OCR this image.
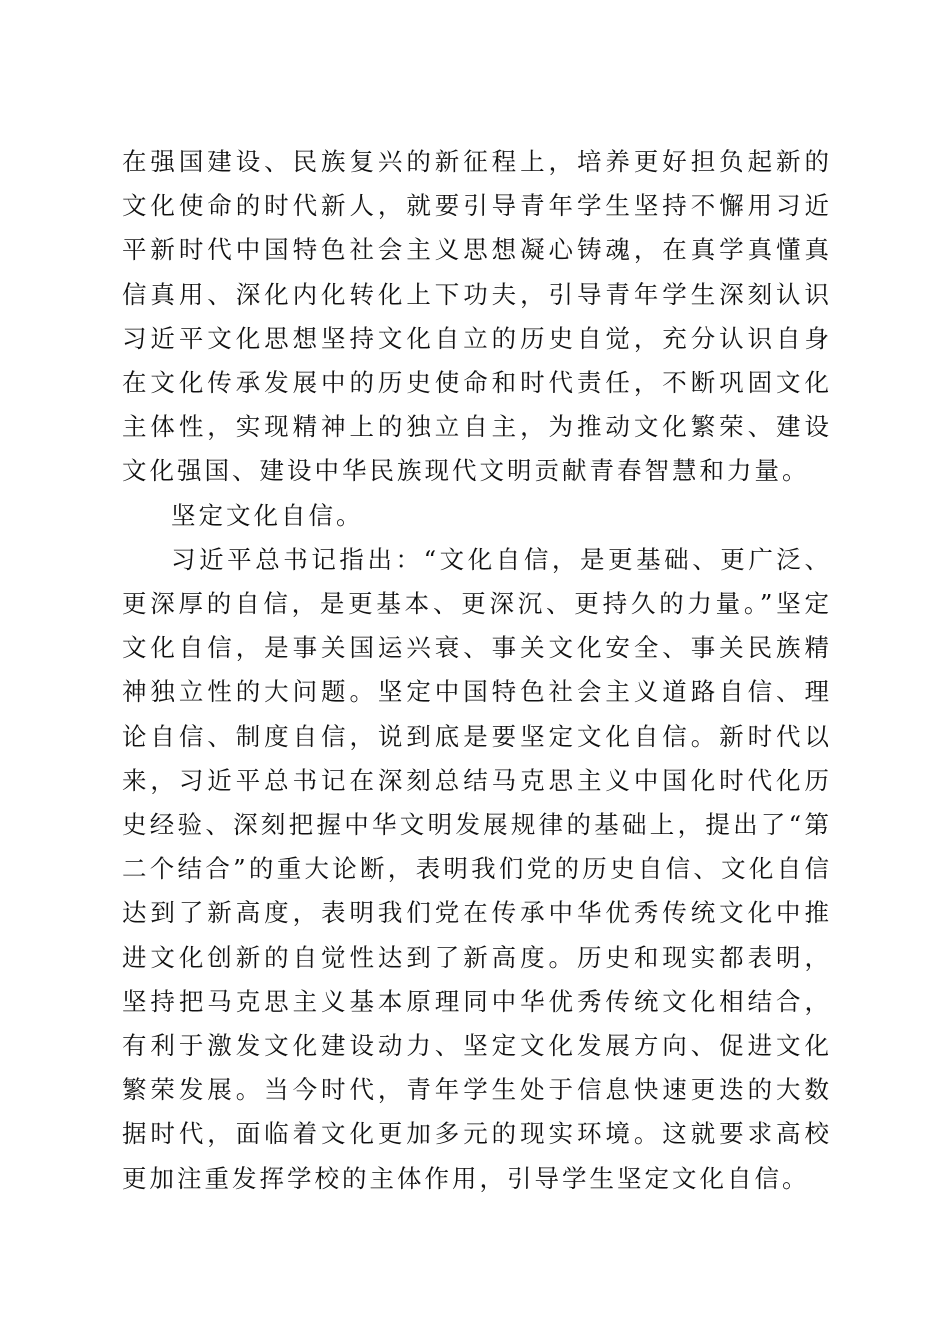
在强国建设、民族复兴的新征程上，培养更好担负起新的文化使命的时代新人，就要引导青年学生坚持不懈用习近平新时代中国特色社会主义思想凝心铸魂，在真学真懂真信真用、深化内化转化上下功夫，引导青年学生深刻认识习近平文化思想坚持文化自立的历史自觉，充分认识自身在文化传承发展中的历史使命和时代责任，不断巩固文化主体性，实现精神上的独立自主，为推动文化繁荣、建设文化强国、建设中华民族现代文明贡献青春智慧和力量。

坚定文化自信。

习近平总书记指出：“文化自信，是更基础、更广泛、更深厚的自信，是更基本、更深沉、更持久的力量。”坚定文化自信，是事关国运兴衰、事关文化安全、事关民族精神独立性的大问题。坚定中国特色社会主义道路自信、理论自信、制度自信，说到底是要坚定文化自信。新时代以来，习近平总书记在深刻总结马克思主义中国化时代化历史经验、深刻把握中华文明发展规律的基础上，提出了“第二个结合”的重大论断，表明我们党的历史自信、文化自信达到了新高度，表明我们党在传承中华优秀传统文化中推进文化创新的自觉性达到了新高度。历史和现实都表明，坚持把马克思主义基本原理同中华优秀传统文化相结合，有利于激发文化建设动力、坚定文化发展方向、促进文化繁荣发展。当今时代，青年学生处于信息快速更迭的大数据时代，面临着文化更加多元的现实环境。这就要求高校更加注重发挥学校的主体作用，引导学生坚定文化自信。
